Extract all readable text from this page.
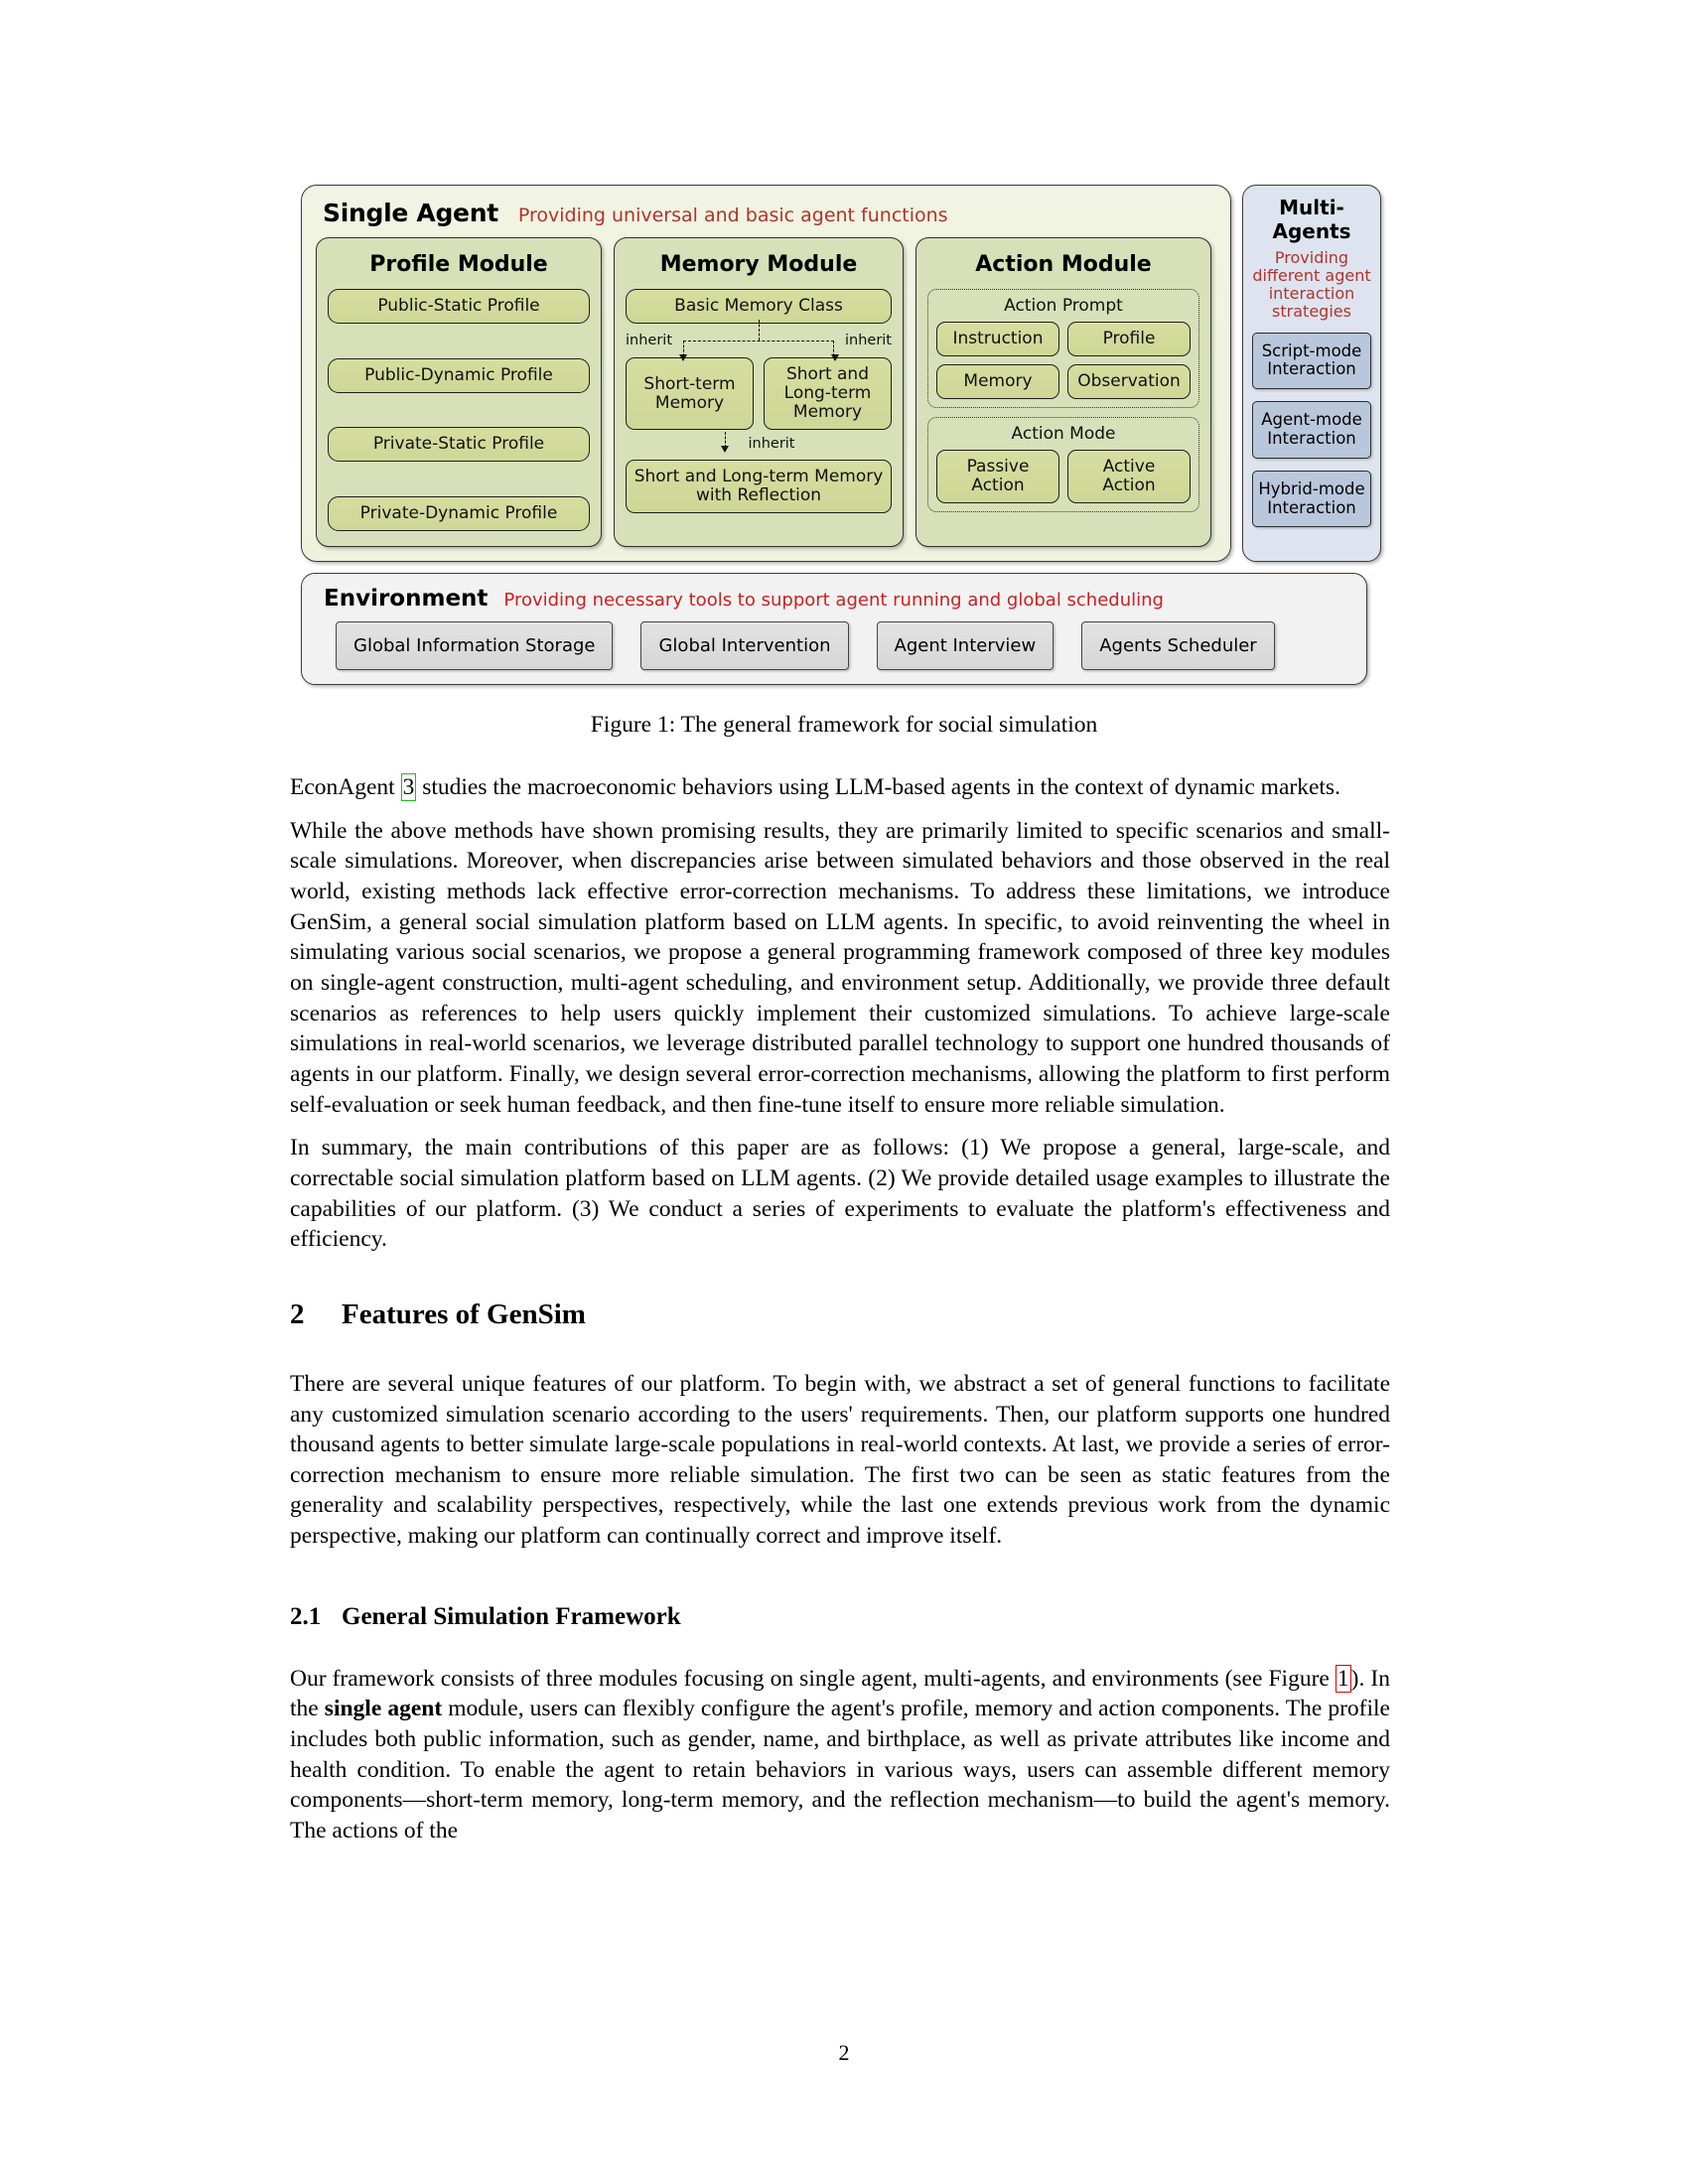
Single Agent Providing universal and basic agent functions
Profile Module
Public-Static Profile
Public-Dynamic Profile
Private-Static Profile
Private-Dynamic Profile
Memory Module
Basic Memory Class
inherit	inherit
Short-term Memory
Short and Long-term Memory
inherit
Short and Long-term Memory with Reflection
Action Module
Action Prompt
Instruction	Profile
Memory	Observation
Action Mode
Passive Action
Active Action
Multi-Agents
Providing different agent interaction strategies
Script-mode Interaction
Agent-mode Interaction
Hybrid-mode Interaction
Environment Providing necessary tools to support agent running and global scheduling
Global Information Storage	Global Intervention	Agent Interview	Agents Scheduler
Figure 1: The general framework for social simulation

EconAgent 3 studies the macroeconomic behaviors using LLM-based agents in the context of dynamic markets.

While the above methods have shown promising results, they are primarily limited to specific scenarios and small-scale simulations. Moreover, when discrepancies arise between simulated behaviors and those observed in the real world, existing methods lack effective error-correction mechanisms. To address these limitations, we introduce GenSim, a general social simulation platform based on LLM agents. In specific, to avoid reinventing the wheel in simulating various social scenarios, we propose a general programming framework composed of three key modules on single-agent construction, multi-agent scheduling, and environment setup. Additionally, we provide three default scenarios as references to help users quickly implement their customized simulations. To achieve large-scale simulations in real-world scenarios, we leverage distributed parallel technology to support one hundred thousands of agents in our platform. Finally, we design several error-correction mechanisms, allowing the platform to first perform self-evaluation or seek human feedback, and then fine-tune itself to ensure more reliable simulation.

In summary, the main contributions of this paper are as follows: (1) We propose a general, large-scale, and correctable social simulation platform based on LLM agents. (2) We provide detailed usage examples to illustrate the capabilities of our platform. (3) We conduct a series of experiments to evaluate the platform's effectiveness and efficiency.

2 Features of GenSim

There are several unique features of our platform. To begin with, we abstract a set of general functions to facilitate any customized simulation scenario according to the users' requirements. Then, our platform supports one hundred thousand agents to better simulate large-scale populations in real-world contexts. At last, we provide a series of error-correction mechanism to ensure more reliable simulation. The first two can be seen as static features from the generality and scalability perspectives, respectively, while the last one extends previous work from the dynamic perspective, making our platform can continually correct and improve itself.

2.1 General Simulation Framework

Our framework consists of three modules focusing on single agent, multi-agents, and environments (see Figure 1). In the single agent module, users can flexibly configure the agent's profile, memory and action components. The profile includes both public information, such as gender, name, and birthplace, as well as private attributes like income and health condition. To enable the agent to retain behaviors in various ways, users can assemble different memory components—short-term memory, long-term memory, and the reflection mechanism—to build the agent's memory. The actions of the

2
